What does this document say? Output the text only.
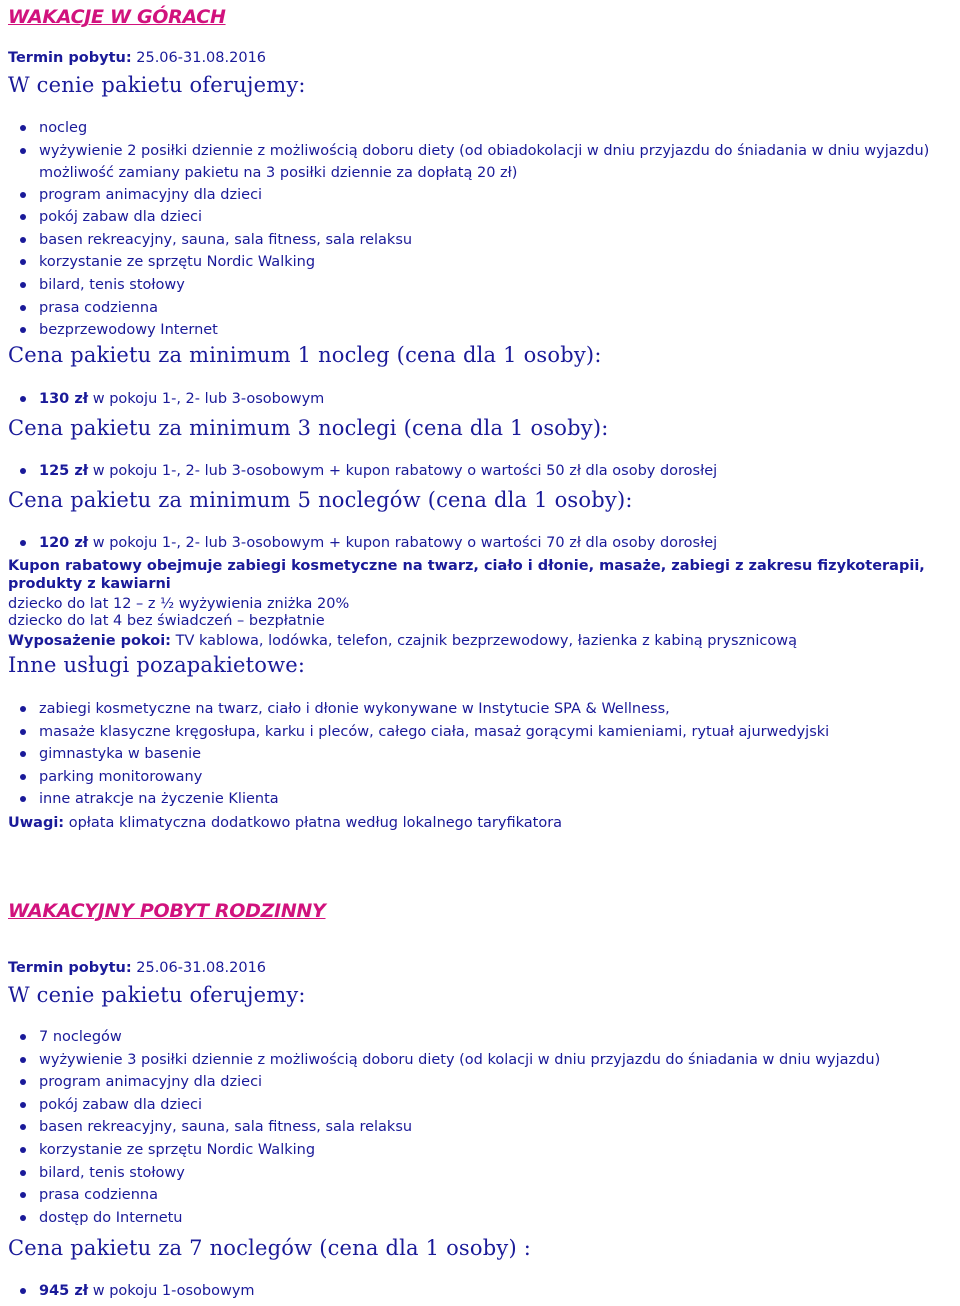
WAKACJE W GÓRACH
Termin pobytu: 25.06-31.08.2016
W cenie pakietu oferujemy:
nocleg
wyżywienie 2 posiłki dziennie z możliwością doboru diety (od obiadokolacji w dniu przyjazdu do śniadania w dniu wyjazdu) możliwość zamiany pakietu na 3 posiłki dziennie za dopłatą 20 zł)
program animacyjny dla dzieci
pokój zabaw dla dzieci
basen rekreacyjny, sauna, sala fitness, sala relaksu
korzystanie ze sprzętu Nordic Walking
bilard, tenis stołowy
prasa codzienna
bezprzewodowy Internet
Cena pakietu za minimum 1 nocleg (cena dla 1 osoby):
130 zł w pokoju 1-, 2- lub 3-osobowym
Cena pakietu za minimum 3 noclegi (cena dla 1 osoby):
125 zł w pokoju 1-, 2- lub 3-osobowym + kupon rabatowy o wartości 50 zł dla osoby dorosłej
Cena pakietu za minimum 5 noclegów (cena dla 1 osoby):
120 zł w pokoju 1-, 2- lub 3-osobowym + kupon rabatowy o wartości 70 zł dla osoby dorosłej
Kupon rabatowy obejmuje zabiegi kosmetyczne na twarz, ciało i dłonie, masaże, zabiegi z zakresu fizykoterapii, produkty z kawiarni
dziecko do lat 12 – z ½ wyżywienia zniżka 20%
dziecko do lat 4 bez świadczeń – bezpłatnie
Wyposażenie pokoi: TV kablowa, lodówka, telefon, czajnik bezprzewodowy, łazienka z kabiną prysznicową
Inne usługi pozapakietowe:
zabiegi kosmetyczne na twarz, ciało i dłonie wykonywane w Instytucie SPA & Wellness,
masaże klasyczne kręgosłupa, karku i pleców, całego ciała, masaż gorącymi kamieniami, rytuał ajurwedyjski
gimnastyka w basenie
parking monitorowany
inne atrakcje na życzenie Klienta
Uwagi: opłata klimatyczna dodatkowo płatna według lokalnego taryfikatora
WAKACYJNY POBYT RODZINNY
Termin pobytu: 25.06-31.08.2016
W cenie pakietu oferujemy:
7 noclegów
wyżywienie 3 posiłki dziennie z możliwością doboru diety (od kolacji w dniu przyjazdu do śniadania w dniu wyjazdu)
program animacyjny dla dzieci
pokój zabaw dla dzieci
basen rekreacyjny, sauna, sala fitness, sala relaksu
korzystanie ze sprzętu Nordic Walking
bilard, tenis stołowy
prasa codzienna
dostęp do Internetu
Cena pakietu za 7 noclegów (cena dla 1 osoby) :
945 zł w pokoju 1-osobowym
